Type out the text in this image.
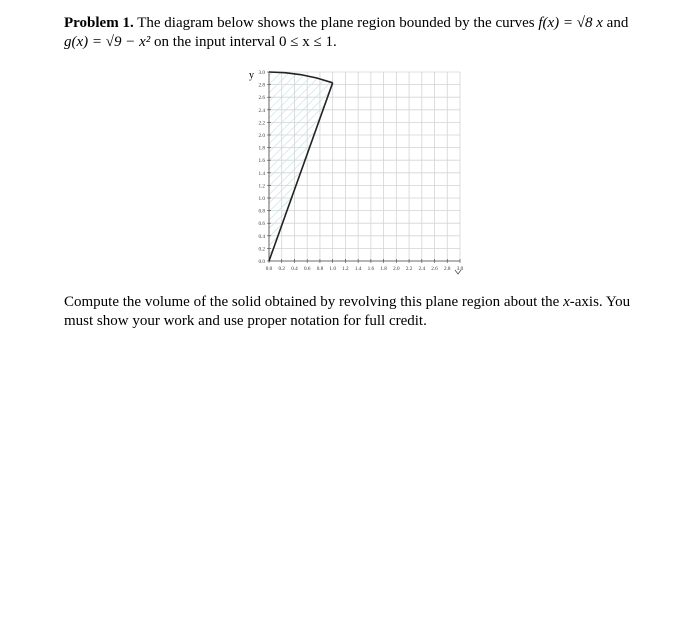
Problem 1. The diagram below shows the plane region bounded by the curves f(x) = √8 x and
g(x) = √9 − x² on the input interval 0 ≤ x ≤ 1.
0.0 0.2 0.4 0.6 0.8 1.0 1.2 1.4 1.6 1.8 2.0 2.2 2.4 2.6 2.8 3.0
0.0
0.2
0.4
0.6
0.8
1.0
1.2
1.4
1.6
1.8
2.0
2.2
2.4
2.6
2.8
3.0
y
Compute the volume of the solid obtained by revolving this plane region about the x-axis. You must show your work and use proper notation for full credit.
